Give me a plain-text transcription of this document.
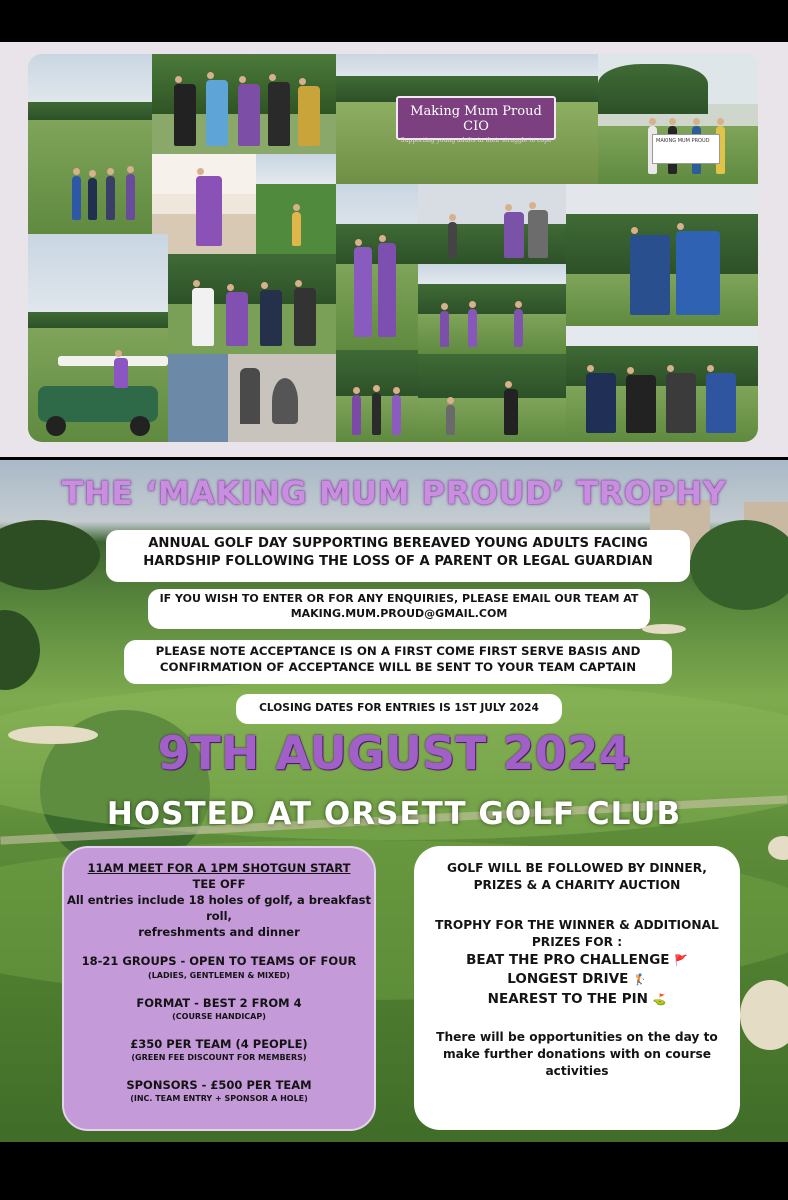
Making Mum Proud CIO
Supporting young adults in their struggle to cope	MAKING MUM PROUD
THE ‘MAKING MUM PROUD’ TROPHY
ANNUAL GOLF DAY SUPPORTING BEREAVED YOUNG ADULTS FACING
HARDSHIP FOLLOWING THE LOSS OF A PARENT OR LEGAL GUARDIAN
IF YOU WISH TO ENTER OR FOR ANY ENQUIRIES, PLEASE EMAIL OUR TEAM AT
MAKING.MUM.PROUD@GMAIL.COM
PLEASE NOTE ACCEPTANCE IS ON A FIRST COME FIRST SERVE BASIS AND
CONFIRMATION OF ACCEPTANCE WILL BE SENT TO YOUR TEAM CAPTAIN
CLOSING DATES FOR ENTRIES IS 1ST JULY 2024
9TH AUGUST 2024
HOSTED AT ORSETT GOLF CLUB
11AM MEET FOR A 1PM SHOTGUN START
TEE OFF
All entries include 18 holes of golf, a breakfast roll,
refreshments and dinner
18-21 GROUPS - OPEN TO TEAMS OF FOUR
(LADIES, GENTLEMEN & MIXED)
FORMAT - BEST 2 FROM 4
(COURSE HANDICAP)
£350 PER TEAM (4 PEOPLE)
(GREEN FEE DISCOUNT FOR MEMBERS)
SPONSORS - £500 PER TEAM
(INC. TEAM ENTRY + SPONSOR A HOLE)
GOLF WILL BE FOLLOWED BY DINNER,
PRIZES & A CHARITY AUCTION
TROPHY FOR THE WINNER & ADDITIONAL
PRIZES FOR :
BEAT THE PRO CHALLENGE 🚩
LONGEST DRIVE 🏌
NEAREST TO THE PIN ⛳
There will be opportunities on the day to
make further donations with on course
activities
